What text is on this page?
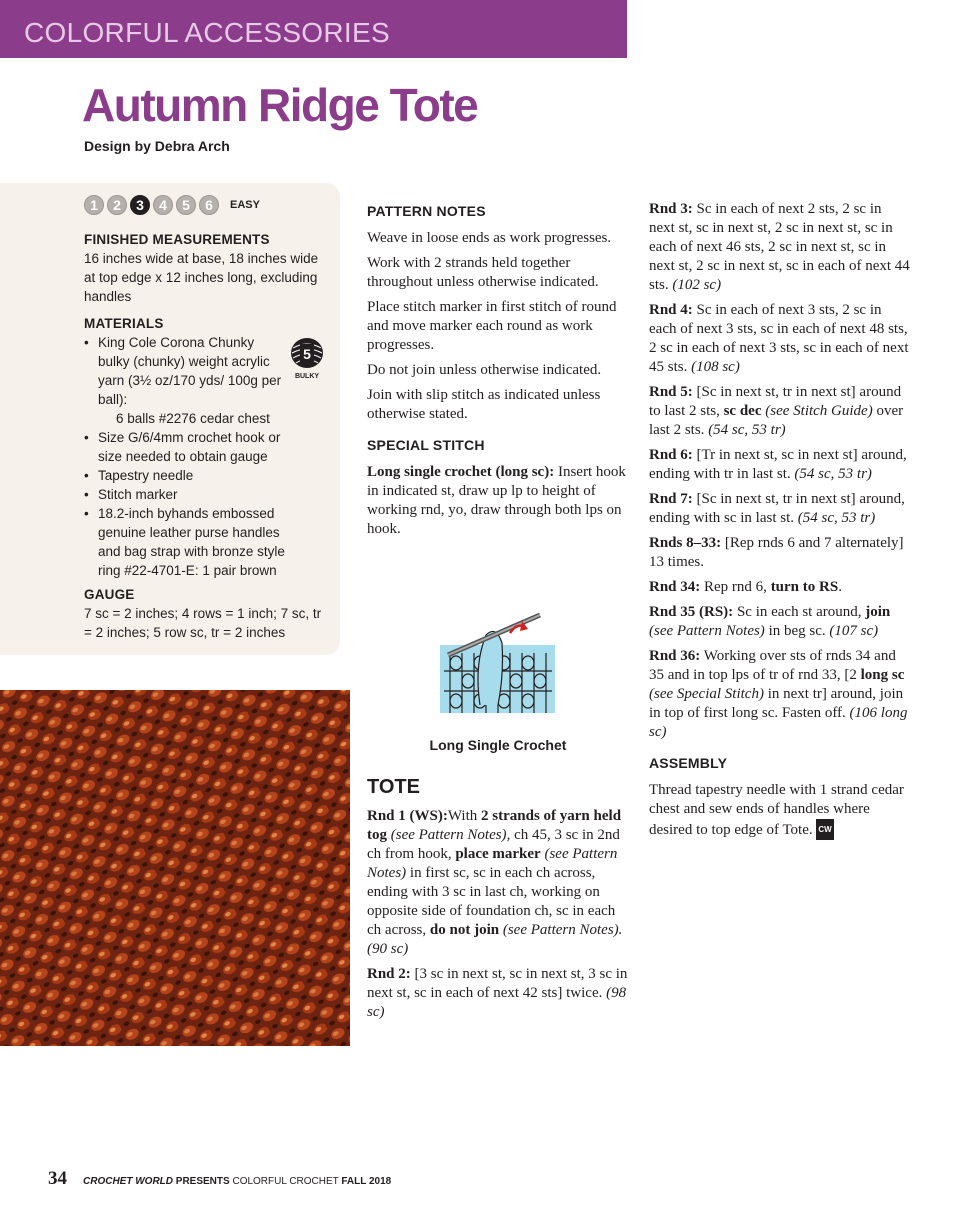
COLORFUL ACCESSORIES
Autumn Ridge Tote
Design by Debra Arch
1	2	3	4	5	6	EASY
FINISHED MEASUREMENTS
16 inches wide at base, 18 inches wide at top edge x 12 inches long, excluding handles
MATERIALS
• King Cole Corona Chunky bulky (chunky) weight acrylic yarn (3½ oz/170 yds/ 100g per ball):
6 balls #2276 cedar chest
• Size G/6/4mm crochet hook or size needed to obtain gauge
• Tapestry needle
• Stitch marker
• 18.2-inch byhands embossed genuine leather purse handles and bag strap with bronze style ring #22-4701-E: 1 pair brown
5
BULKY
GAUGE
7 sc = 2 inches; 4 rows = 1 inch; 7 sc, tr = 2 inches; 5 row sc, tr = 2 inches
PATTERN NOTES

Weave in loose ends as work progresses.

Work with 2 strands held together throughout unless otherwise indicated.

Place stitch marker in first stitch of round and move marker each round as work progresses.

Do not join unless otherwise indicated.

Join with slip stitch as indicated unless otherwise stated.

SPECIAL STITCH

Long single crochet (long sc): Insert hook in indicated st, draw up lp to height of working rnd, yo, draw through both lps on hook.

Long Single Crochet
TOTE

Rnd 1 (WS):With 2 strands of yarn held tog (see Pattern Notes), ch 45, 3 sc in 2nd ch from hook, place marker (see Pattern Notes) in first sc, sc in each ch across, ending with 3 sc in last ch, working on opposite side of foundation ch, sc in each ch across, do not join (see Pattern Notes). (90 sc)

Rnd 2: [3 sc in next st, sc in next st, 3 sc in next st, sc in each of next 42 sts] twice. (98 sc)

Rnd 3: Sc in each of next 2 sts, 2 sc in next st, sc in next st, 2 sc in next st, sc in each of next 46 sts, 2 sc in next st, sc in next st, 2 sc in next st, sc in each of next 44 sts. (102 sc)

Rnd 4: Sc in each of next 3 sts, 2 sc in each of next 3 sts, sc in each of next 48 sts, 2 sc in each of next 3 sts, sc in each of next 45 sts. (108 sc)

Rnd 5: [Sc in next st, tr in next st] around to last 2 sts, sc dec (see Stitch Guide) over last 2 sts. (54 sc, 53 tr)

Rnd 6: [Tr in next st, sc in next st] around, ending with tr in last st. (54 sc, 53 tr)

Rnd 7: [Sc in next st, tr in next st] around, ending with sc in last st. (54 sc, 53 tr)

Rnds 8–33: [Rep rnds 6 and 7 alternately] 13 times.

Rnd 34: Rep rnd 6, turn to RS.

Rnd 35 (RS): Sc in each st around, join (see Pattern Notes) in beg sc. (107 sc)

Rnd 36: Working over sts of rnds 34 and 35 and in top lps of tr of rnd 33, [2 long sc (see Special Stitch) in next tr] around, join in top of first long sc. Fasten off. (106 long sc)

ASSEMBLY

Thread tapestry needle with 1 strand cedar chest and sew ends of handles where desired to top edge of Tote. CW

34 CROCHET WORLD PRESENTS COLORFUL CROCHET FALL 2018
